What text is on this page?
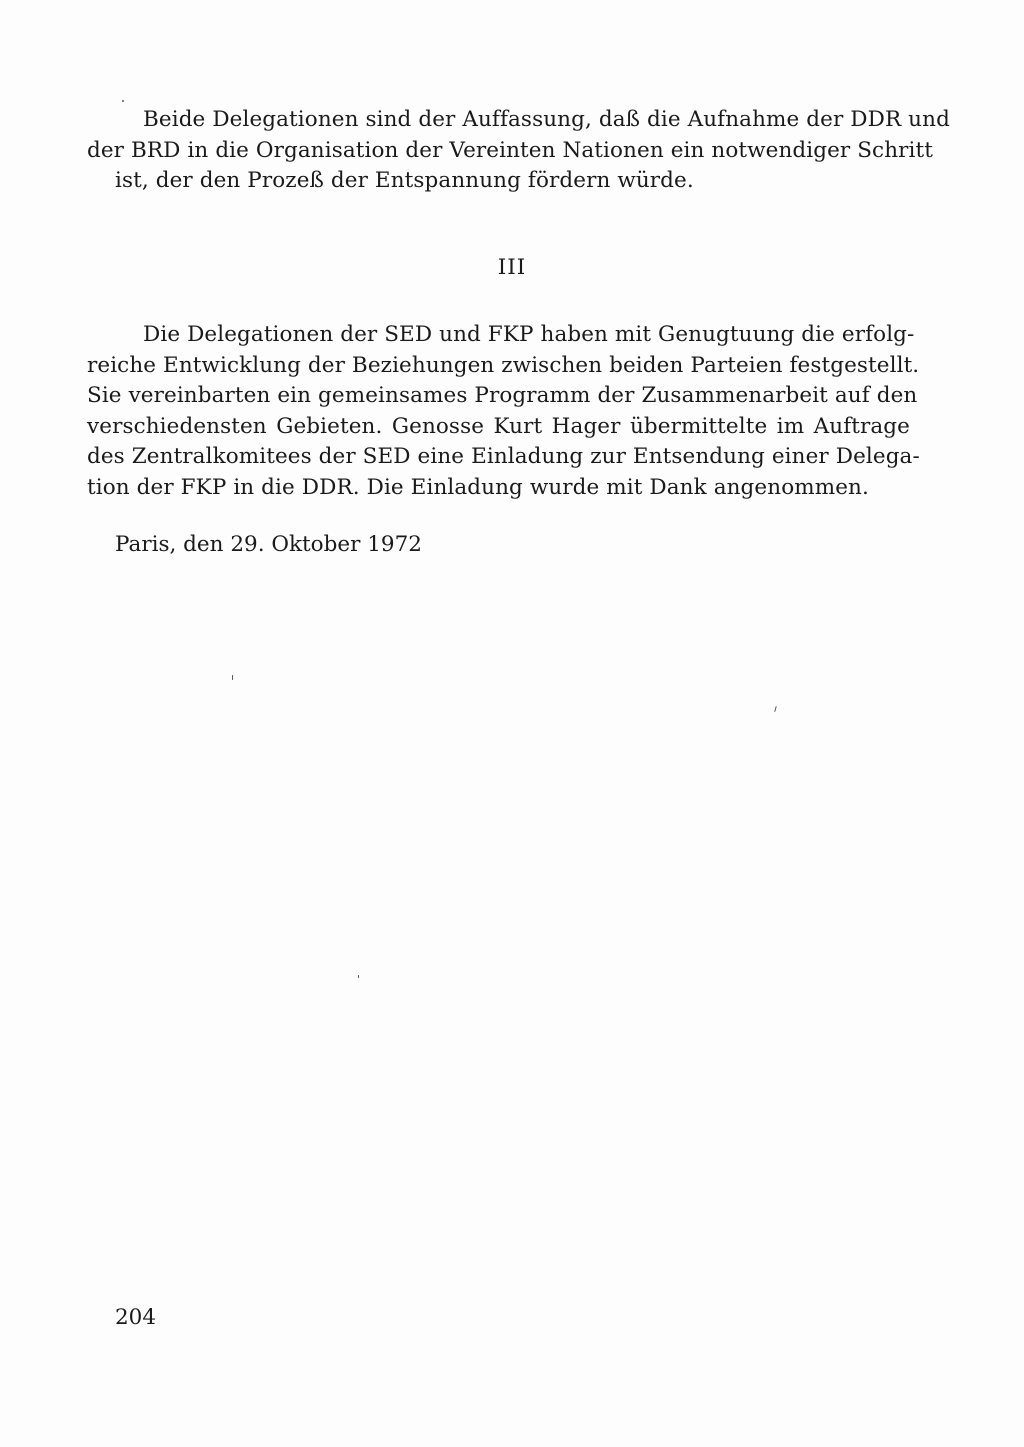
Beide Delegationen sind der Auffassung, daß die Aufnahme der DDR und
der BRD in die Organisation der Vereinten Nationen ein notwendiger Schritt
ist, der den Prozeß der Entspannung fördern würde.
III
Die Delegationen der SED und FKP haben mit Genugtuung die erfolg-
reiche Entwicklung der Beziehungen zwischen beiden Parteien festgestellt.
Sie vereinbarten ein gemeinsames Programm der Zusammenarbeit auf den
verschiedensten Gebieten. Genosse Kurt Hager übermittelte im Auftrage
des Zentralkomitees der SED eine Einladung zur Entsendung einer Delega-
tion der FKP in die DDR. Die Einladung wurde mit Dank angenommen.
Paris, den 29. Oktober 1972
204
